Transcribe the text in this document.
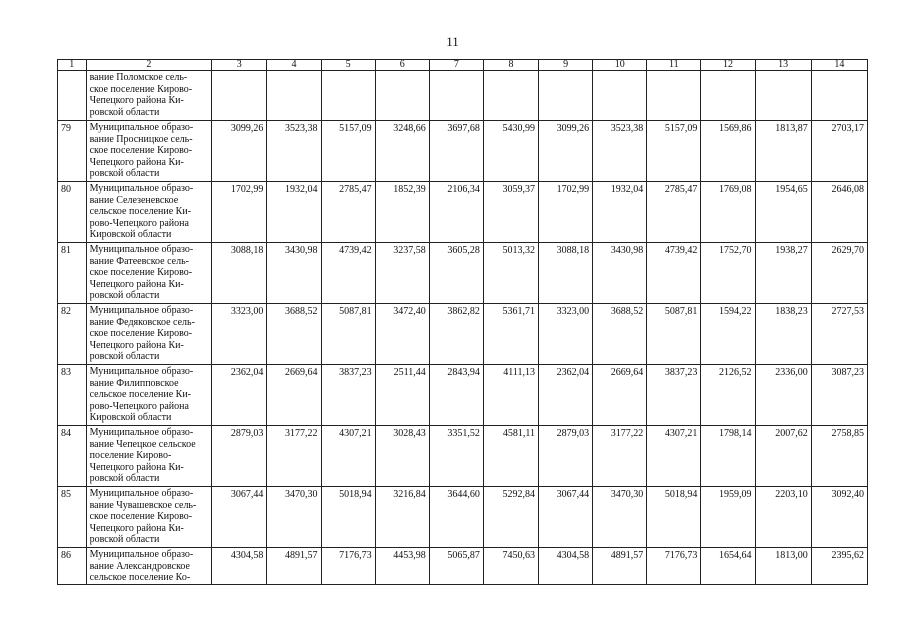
11
1	2	3	4	5	6	7	8	9	10	11	12	13	14

	вание Поломское сель-
ское поселение Кирово-
Чепецкого района Ки-
ровской области												

79	Муниципальное образо-
вание Просницкое сель-
ское поселение Кирово-
Чепецкого района Ки-
ровской области	3099,26	3523,38	5157,09	3248,66	3697,68	5430,99	3099,26	3523,38	5157,09	1569,86	1813,87	2703,17
80	Муниципальное образо-
вание Селезеневское
сельское поселение Ки-
рово-Чепецкого района
Кировской области	1702,99	1932,04	2785,47	1852,39	2106,34	3059,37	1702,99	1932,04	2785,47	1769,08	1954,65	2646,08
81	Муниципальное образо-
вание Фатеевское сель-
ское поселение Кирово-
Чепецкого района Ки-
ровской области	3088,18	3430,98	4739,42	3237,58	3605,28	5013,32	3088,18	3430,98	4739,42	1752,70	1938,27	2629,70
82	Муниципальное образо-
вание Федяковское сель-
ское поселение Кирово-
Чепецкого района Ки-
ровской области	3323,00	3688,52	5087,81	3472,40	3862,82	5361,71	3323,00	3688,52	5087,81	1594,22	1838,23	2727,53
83	Муниципальное образо-
вание Филипповское
сельское поселение Ки-
рово-Чепецкого района
Кировской области	2362,04	2669,64	3837,23	2511,44	2843,94	4111,13	2362,04	2669,64	3837,23	2126,52	2336,00	3087,23
84	Муниципальное образо-
вание Чепецкое сельское
поселение Кирово-
Чепецкого района Ки-
ровской области	2879,03	3177,22	4307,21	3028,43	3351,52	4581,11	2879,03	3177,22	4307,21	1798,14	2007,62	2758,85
85	Муниципальное образо-
вание Чувашевское сель-
ское поселение Кирово-
Чепецкого района Ки-
ровской области	3067,44	3470,30	5018,94	3216,84	3644,60	5292,84	3067,44	3470,30	5018,94	1959,09	2203,10	3092,40
86	Муниципальное образо-
вание Александровское
сельское поселение Ко-	4304,58	4891,57	7176,73	4453,98	5065,87	7450,63	4304,58	4891,57	7176,73	1654,64	1813,00	2395,62
